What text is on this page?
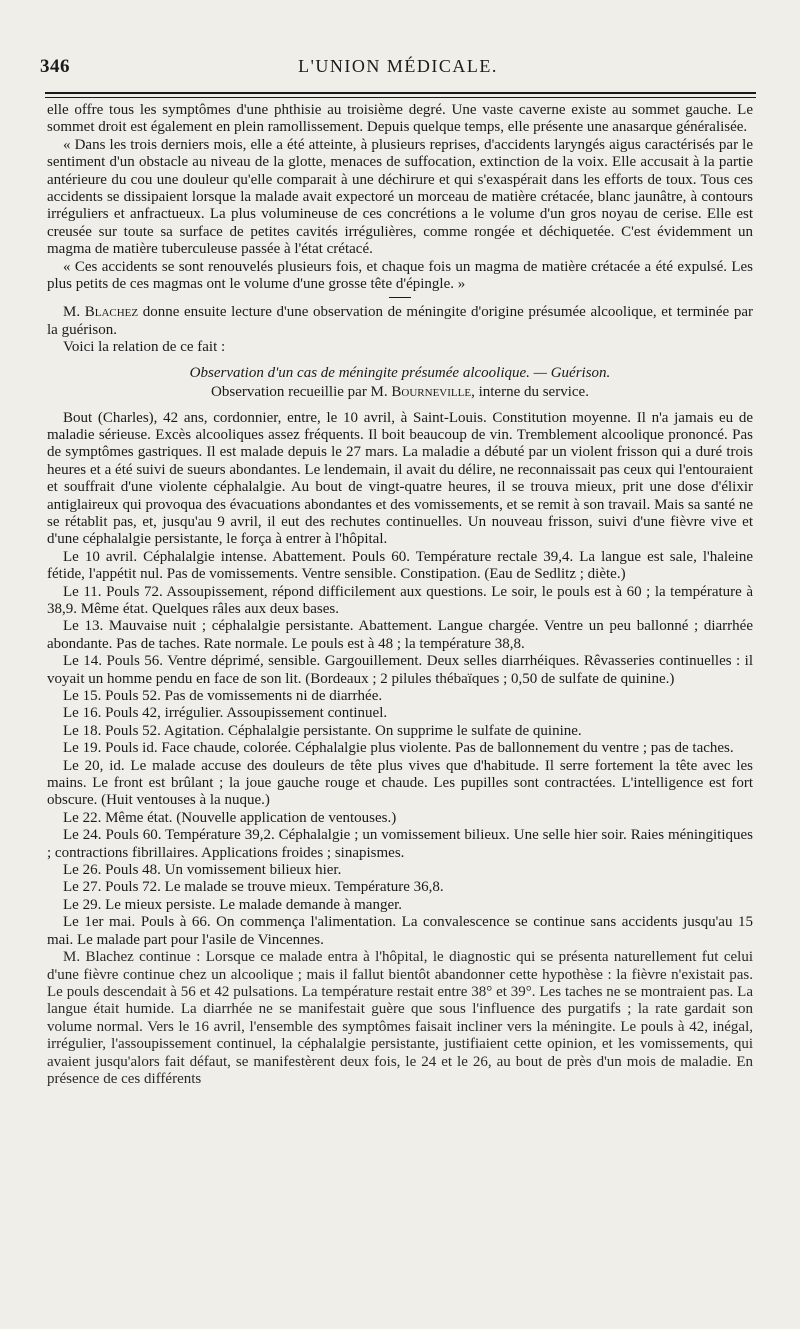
346	L'UNION MÉDICALE.

elle offre tous les symptômes d'une phthisie au troisième degré. Une vaste caverne existe au sommet gauche. Le sommet droit est également en plein ramollissement. Depuis quelque temps, elle présente une anasarque généralisée.

« Dans les trois derniers mois, elle a été atteinte, à plusieurs reprises, d'accidents laryngés aigus caractérisés par le sentiment d'un obstacle au niveau de la glotte, menaces de suffocation, extinction de la voix. Elle accusait à la partie antérieure du cou une douleur qu'elle comparait à une déchirure et qui s'exaspérait dans les efforts de toux. Tous ces accidents se dissipaient lorsque la malade avait expectoré un morceau de matière crétacée, blanc jaunâtre, à contours irréguliers et anfractueux. La plus volumineuse de ces concrétions a le volume d'un gros noyau de cerise. Elle est creusée sur toute sa surface de petites cavités irrégulières, comme rongée et déchiquetée. C'est évidemment un magma de matière tuberculeuse passée à l'état crétacé.

« Ces accidents se sont renouvelés plusieurs fois, et chaque fois un magma de matière crétacée a été expulsé. Les plus petits de ces magmas ont le volume d'une grosse tête d'épingle. »

M. Blachez donne ensuite lecture d'une observation de méningite d'origine présumée alcoolique, et terminée par la guérison.

Voici la relation de ce fait :

Observation d'un cas de méningite présumée alcoolique. — Guérison.

Observation recueillie par M. Bourneville, interne du service.

Bout (Charles), 42 ans, cordonnier, entre, le 10 avril, à Saint-Louis. Constitution moyenne. Il n'a jamais eu de maladie sérieuse. Excès alcooliques assez fréquents. Il boit beaucoup de vin. Tremblement alcoolique prononcé. Pas de symptômes gastriques. Il est malade depuis le 27 mars. La maladie a débuté par un violent frisson qui a duré trois heures et a été suivi de sueurs abondantes. Le lendemain, il avait du délire, ne reconnaissait pas ceux qui l'entouraient et souffrait d'une violente céphalalgie. Au bout de vingt-quatre heures, il se trouva mieux, prit une dose d'élixir antiglaireux qui provoqua des évacuations abondantes et des vomissements, et se remit à son travail. Mais sa santé ne se rétablit pas, et, jusqu'au 9 avril, il eut des rechutes continuelles. Un nouveau frisson, suivi d'une fièvre vive et d'une céphalalgie persistante, le força à entrer à l'hôpital.

Le 10 avril. Céphalalgie intense. Abattement. Pouls 60. Température rectale 39,4. La langue est sale, l'haleine fétide, l'appétit nul. Pas de vomissements. Ventre sensible. Constipation. (Eau de Sedlitz ; diète.)

Le 11. Pouls 72. Assoupissement, répond difficilement aux questions. Le soir, le pouls est à 60 ; la température à 38,9. Même état. Quelques râles aux deux bases.

Le 13. Mauvaise nuit ; céphalalgie persistante. Abattement. Langue chargée. Ventre un peu ballonné ; diarrhée abondante. Pas de taches. Rate normale. Le pouls est à 48 ; la température 38,8.

Le 14. Pouls 56. Ventre déprimé, sensible. Gargouillement. Deux selles diarrhéiques. Rêvasseries continuelles : il voyait un homme pendu en face de son lit. (Bordeaux ; 2 pilules thébaïques ; 0,50 de sulfate de quinine.)

Le 15. Pouls 52. Pas de vomissements ni de diarrhée.

Le 16. Pouls 42, irrégulier. Assoupissement continuel.

Le 18. Pouls 52. Agitation. Céphalalgie persistante. On supprime le sulfate de quinine.

Le 19. Pouls id. Face chaude, colorée. Céphalalgie plus violente. Pas de ballonnement du ventre ; pas de taches.

Le 20, id. Le malade accuse des douleurs de tête plus vives que d'habitude. Il serre fortement la tête avec les mains. Le front est brûlant ; la joue gauche rouge et chaude. Les pupilles sont contractées. L'intelligence est fort obscure. (Huit ventouses à la nuque.)

Le 22. Même état. (Nouvelle application de ventouses.)

Le 24. Pouls 60. Température 39,2. Céphalalgie ; un vomissement bilieux. Une selle hier soir. Raies méningitiques ; contractions fibrillaires. Applications froides ; sinapismes.

Le 26. Pouls 48. Un vomissement bilieux hier.

Le 27. Pouls 72. Le malade se trouve mieux. Température 36,8.

Le 29. Le mieux persiste. Le malade demande à manger.

Le 1er mai. Pouls à 66. On commença l'alimentation. La convalescence se continue sans accidents jusqu'au 15 mai. Le malade part pour l'asile de Vincennes.

M. Blachez continue : Lorsque ce malade entra à l'hôpital, le diagnostic qui se présenta naturellement fut celui d'une fièvre continue chez un alcoolique ; mais il fallut bientôt abandonner cette hypothèse : la fièvre n'existait pas. Le pouls descendait à 56 et 42 pulsations. La température restait entre 38° et 39°. Les taches ne se montraient pas. La langue était humide. La diarrhée ne se manifestait guère que sous l'influence des purgatifs ; la rate gardait son volume normal. Vers le 16 avril, l'ensemble des symptômes faisait incliner vers la méningite. Le pouls à 42, inégal, irrégulier, l'assoupissement continuel, la céphalalgie persistante, justifiaient cette opinion, et les vomissements, qui avaient jusqu'alors fait défaut, se manifestèrent deux fois, le 24 et le 26, au bout de près d'un mois de maladie. En présence de ces différents
